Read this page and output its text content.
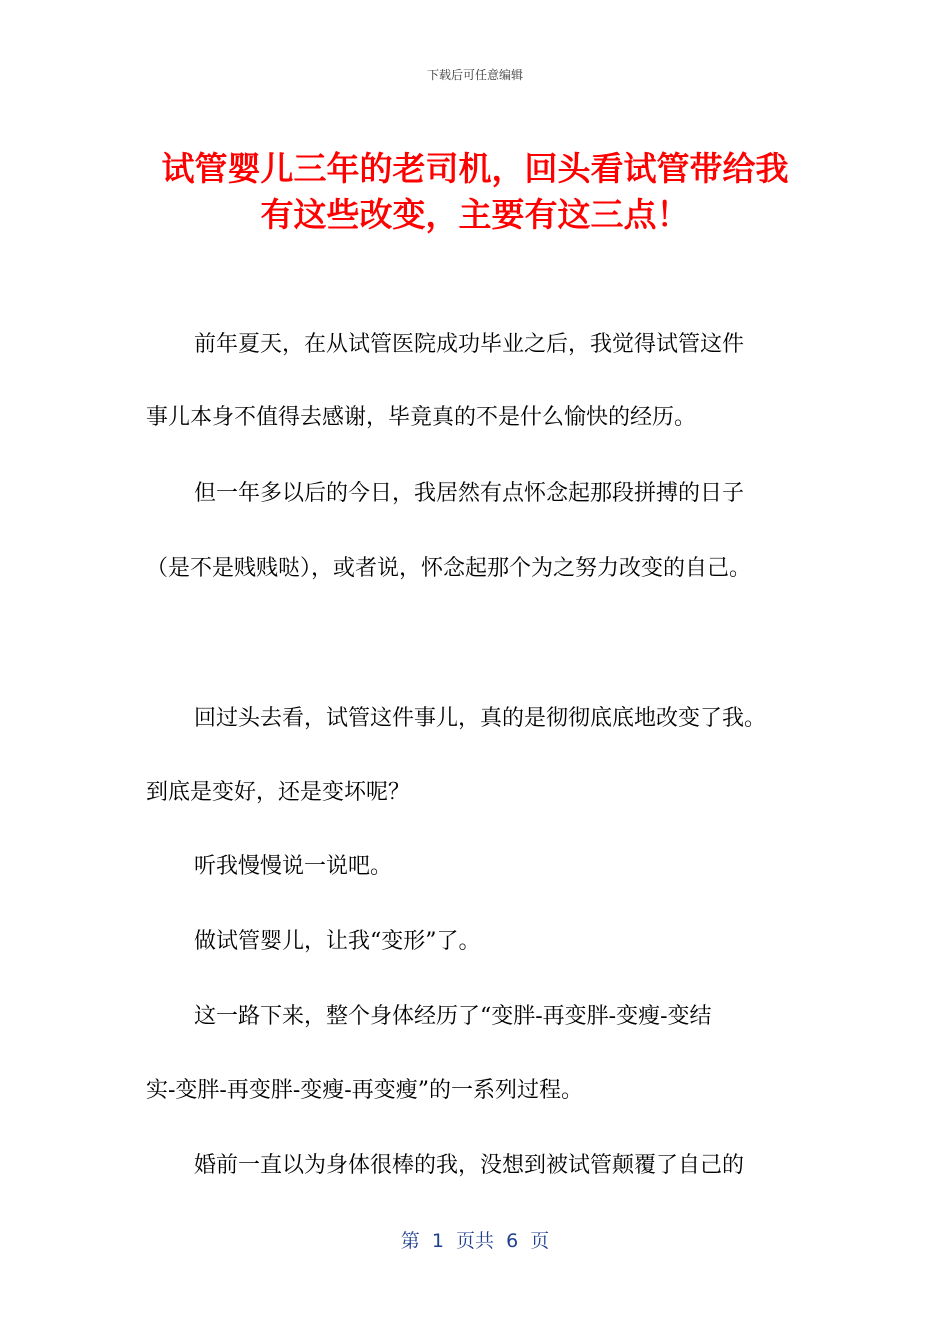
下载后可任意编辑
试管婴儿三年的老司机，回头看试管带给我
有这些改变，主要有这三点！

前年夏天，在从试管医院成功毕业之后，我觉得试管这件

事儿本身不值得去感谢，毕竟真的不是什么愉快的经历。

但一年多以后的今日，我居然有点怀念起那段拼搏的日子

（是不是贱贱哒），或者说，怀念起那个为之努力改变的自己。

回过头去看，试管这件事儿，真的是彻彻底底地改变了我。

到底是变好，还是变坏呢？

听我慢慢说一说吧。

做试管婴儿，让我“变形”了。

这一路下来，整个身体经历了“变胖-再变胖-变瘦-变结

实-变胖-再变胖-变瘦-再变瘦”的一系列过程。

婚前一直以为身体很棒的我，没想到被试管颠覆了自己的

第  1  页共  6  页
